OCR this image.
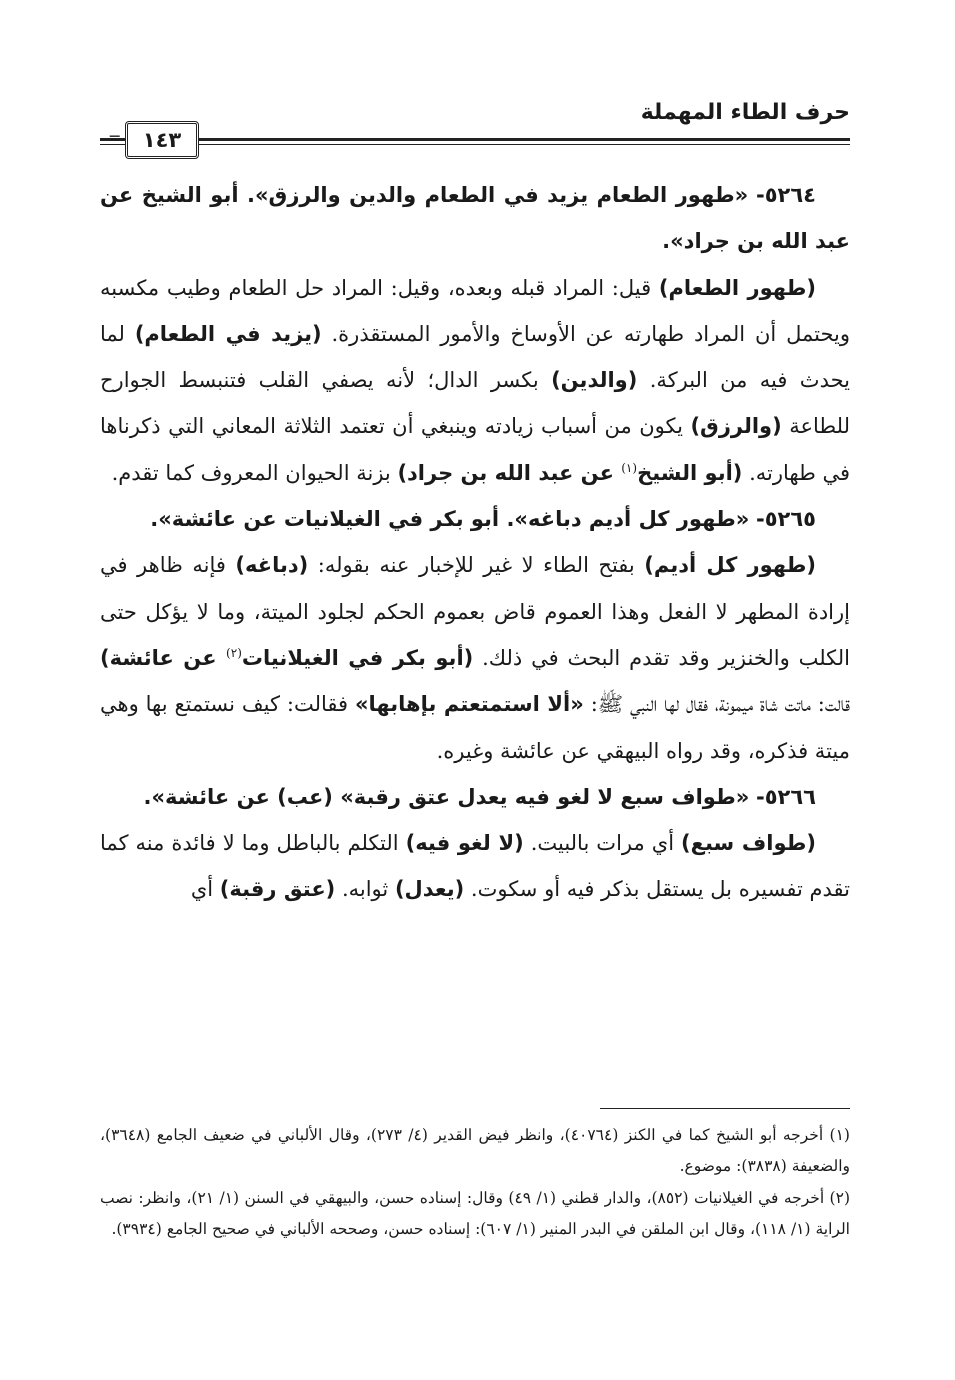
حرف الطاء المهملة
=	١٤٣

٥٢٦٤- «طهور الطعام يزيد في الطعام والدين والرزق». أبو الشيخ عن عبد الله بن جراد».

(طهور الطعام) قيل: المراد قبله وبعده، وقيل: المراد حل الطعام وطيب مكسبه ويحتمل أن المراد طهارته عن الأوساخ والأمور المستقذرة. (يزيد في الطعام) لما يحدث فيه من البركة. (والدين) بكسر الدال؛ لأنه يصفي القلب فتنبسط الجوارح للطاعة (والرزق) يكون من أسباب زيادته وينبغي أن تعتمد الثلاثة المعاني التي ذكرناها في طهارته. (أبو الشيخ$^{(١)}$ عن عبد الله بن جراد) بزنة الحيوان المعروف كما تقدم.

٥٢٦٥- «طهور كل أديم دباغه». أبو بكر في الغيلانيات عن عائشة».

(طهور كل أديم) بفتح الطاء لا غير للإخبار عنه بقوله: (دباغه) فإنه ظاهر في إرادة المطهر لا الفعل وهذا العموم قاض بعموم الحكم لجلود الميتة، وما لا يؤكل حتى الكلب والخنزير وقد تقدم البحث في ذلك. (أبو بكر في الغيلانيات$^{(٢)}$ عن عائشة) قالت: ماتت شاة ميمونة، فقال لها النبي ﷺ: «ألا استمتعتم بإهابها» فقالت: كيف نستمتع بها وهي ميتة فذكره، وقد رواه البيهقي عن عائشة وغيره.

٥٢٦٦- «طواف سبع لا لغو فيه يعدل عتق رقبة» (عب) عن عائشة».

(طواف سبع) أي مرات بالبيت. (لا لغو فيه) التكلم بالباطل وما لا فائدة منه كما تقدم تفسيره بل يستقل بذكر فيه أو سكوت. (يعدل) ثوابه. (عتق رقبة) أي

(١) أخرجه أبو الشيخ كما في الكنز (٤٠٧٦٤)، وانظر فيض القدير (٤/ ٢٧٣)، وقال الألباني في ضعيف الجامع (٣٦٤٨)، والضعيفة (٣٨٣٨): موضوع.

(٢) أخرجه في الغيلانيات (٨٥٢)، والدار قطني (١/ ٤٩) وقال: إسناده حسن، والبيهقي في السنن (١/ ٢١)، وانظر: نصب الراية (١/ ١١٨)، وقال ابن الملقن في البدر المنير (١/ ٦٠٧): إسناده حسن، وصححه الألباني في صحيح الجامع (٣٩٣٤).
